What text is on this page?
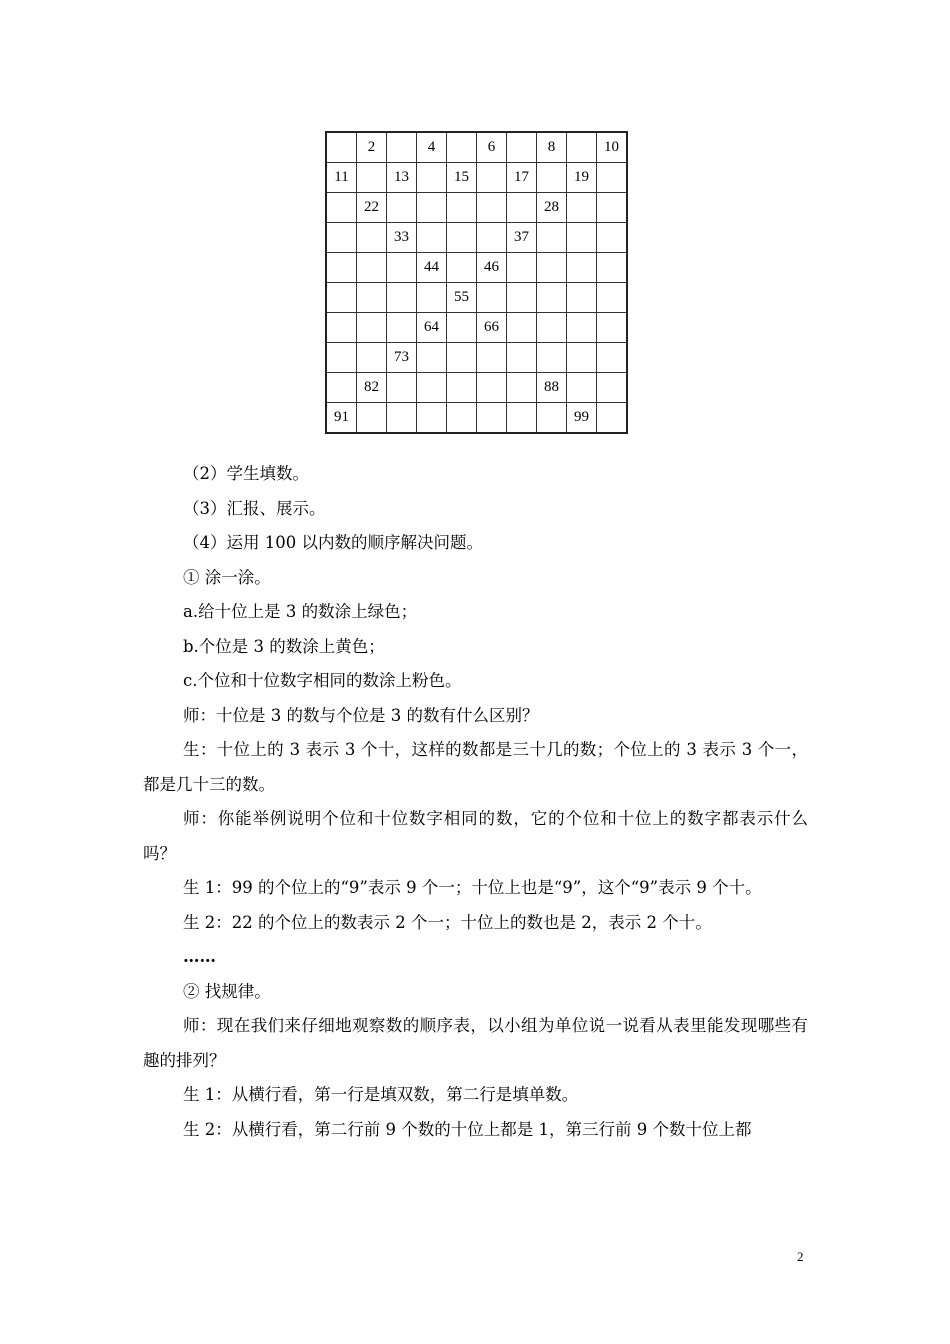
	2		4		6		8		10
11		13		15		17		19	
	22						28		
		33				37			
			44		46				
				55					
			64		66				
		73							
	82						88		
91								99	

（2）学生填数。

（3）汇报、展示。

（4）运用 100 以内数的顺序解决问题。

① 涂一涂。

a.给十位上是 3 的数涂上绿色；

b.个位是 3 的数涂上黄色；

c.个位和十位数字相同的数涂上粉色。

师：十位是 3 的数与个位是 3 的数有什么区别？

生：十位上的 3 表示 3 个十，这样的数都是三十几的数；个位上的 3 表示 3 个一，都是几十三的数。

师：你能举例说明个位和十位数字相同的数，它的个位和十位上的数字都表示什么吗？

生 1：99 的个位上的“9”表示 9 个一；十位上也是“9”，这个“9”表示 9 个十。

生 2：22 的个位上的数表示 2 个一；十位上的数也是 2，表示 2 个十。

……

② 找规律。

师：现在我们来仔细地观察数的顺序表，以小组为单位说一说看从表里能发现哪些有趣的排列？

生 1：从横行看，第一行是填双数，第二行是填单数。

生 2：从横行看，第二行前 9 个数的十位上都是 1，第三行前 9 个数十位上都

2
